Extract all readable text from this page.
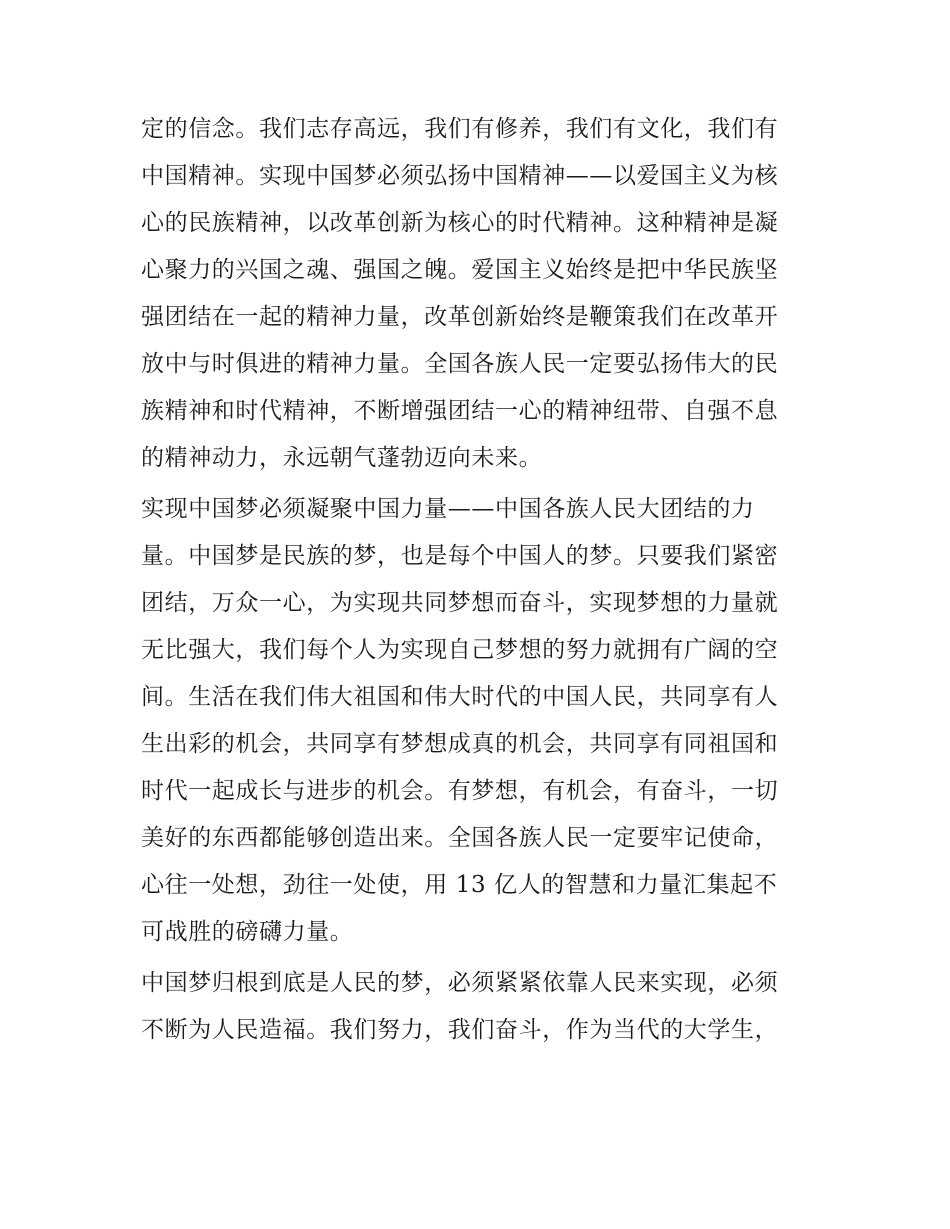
定的信念。我们志存高远，我们有修养，我们有文化，我们有
中国精神。实现中国梦必须弘扬中国精神——以爱国主义为核
心的民族精神，以改革创新为核心的时代精神。这种精神是凝
心聚力的兴国之魂、强国之魄。爱国主义始终是把中华民族坚
强团结在一起的精神力量，改革创新始终是鞭策我们在改革开
放中与时俱进的精神力量。全国各族人民一定要弘扬伟大的民
族精神和时代精神，不断增强团结一心的精神纽带、自强不息
的精神动力，永远朝气蓬勃迈向未来。
实现中国梦必须凝聚中国力量——中国各族人民大团结的力
量。中国梦是民族的梦，也是每个中国人的梦。只要我们紧密
团结，万众一心，为实现共同梦想而奋斗，实现梦想的力量就
无比强大，我们每个人为实现自己梦想的努力就拥有广阔的空
间。生活在我们伟大祖国和伟大时代的中国人民，共同享有人
生出彩的机会，共同享有梦想成真的机会，共同享有同祖国和
时代一起成长与进步的机会。有梦想，有机会，有奋斗，一切
美好的东西都能够创造出来。全国各族人民一定要牢记使命，
心往一处想，劲往一处使，用 13 亿人的智慧和力量汇集起不
可战胜的磅礴力量。
中国梦归根到底是人民的梦，必须紧紧依靠人民来实现，必须
不断为人民造福。我们努力，我们奋斗，作为当代的大学生，
